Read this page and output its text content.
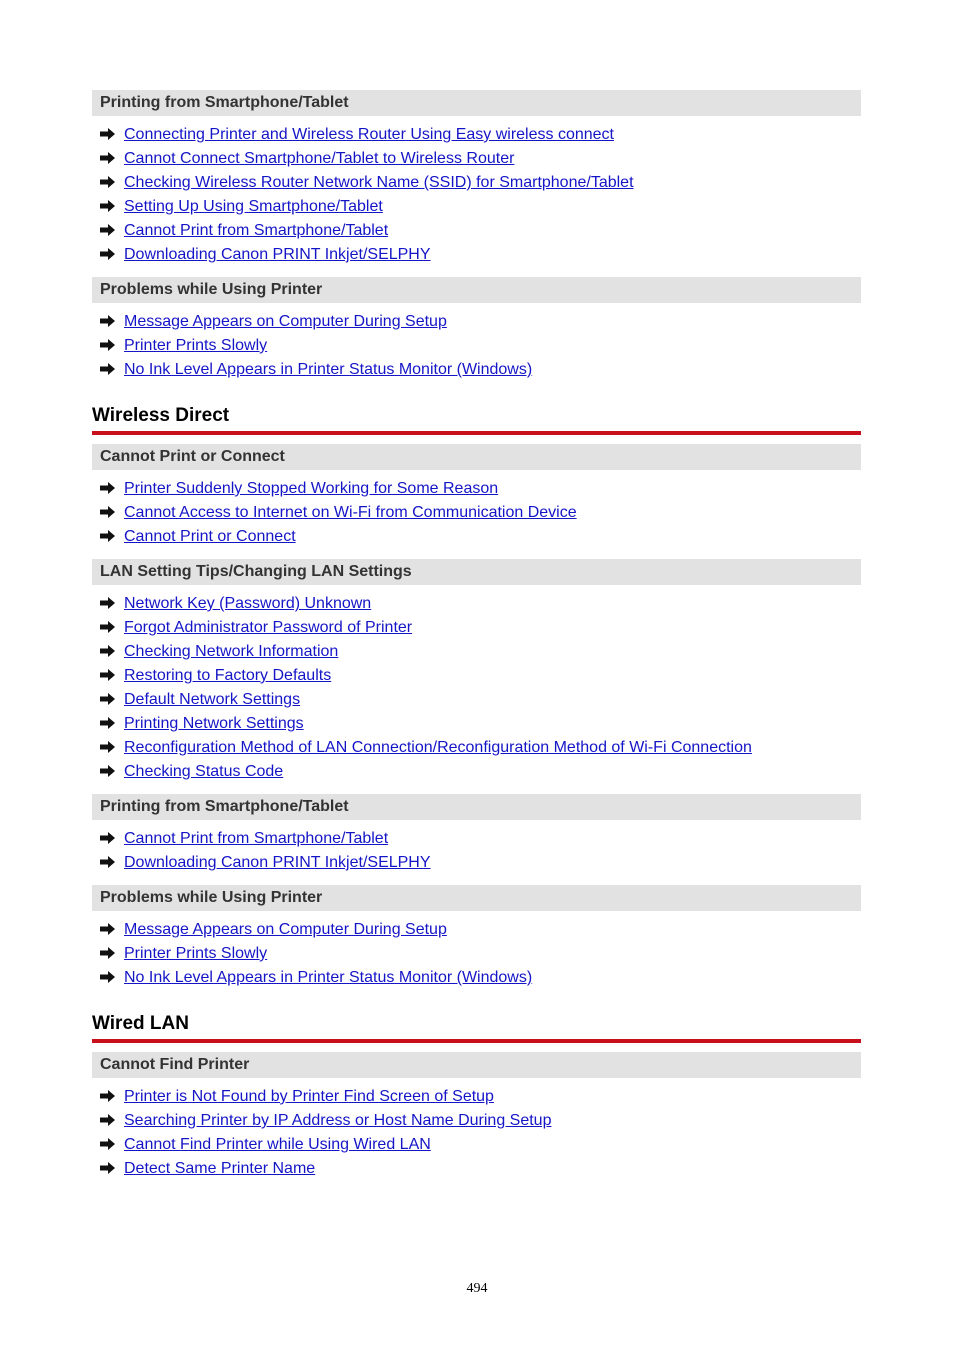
Printing from Smartphone/Tablet
Connecting Printer and Wireless Router Using Easy wireless connect
Cannot Connect Smartphone/Tablet to Wireless Router
Checking Wireless Router Network Name (SSID) for Smartphone/Tablet
Setting Up Using Smartphone/Tablet
Cannot Print from Smartphone/Tablet
Downloading Canon PRINT Inkjet/SELPHY
Problems while Using Printer
Message Appears on Computer During Setup
Printer Prints Slowly
No Ink Level Appears in Printer Status Monitor (Windows)
Wireless Direct
Cannot Print or Connect
Printer Suddenly Stopped Working for Some Reason
Cannot Access to Internet on Wi-Fi from Communication Device
Cannot Print or Connect
LAN Setting Tips/Changing LAN Settings
Network Key (Password) Unknown
Forgot Administrator Password of Printer
Checking Network Information
Restoring to Factory Defaults
Default Network Settings
Printing Network Settings
Reconfiguration Method of LAN Connection/Reconfiguration Method of Wi-Fi Connection
Checking Status Code
Printing from Smartphone/Tablet
Cannot Print from Smartphone/Tablet
Downloading Canon PRINT Inkjet/SELPHY
Problems while Using Printer
Message Appears on Computer During Setup
Printer Prints Slowly
No Ink Level Appears in Printer Status Monitor (Windows)
Wired LAN
Cannot Find Printer
Printer is Not Found by Printer Find Screen of Setup
Searching Printer by IP Address or Host Name During Setup
Cannot Find Printer while Using Wired LAN
Detect Same Printer Name
494
